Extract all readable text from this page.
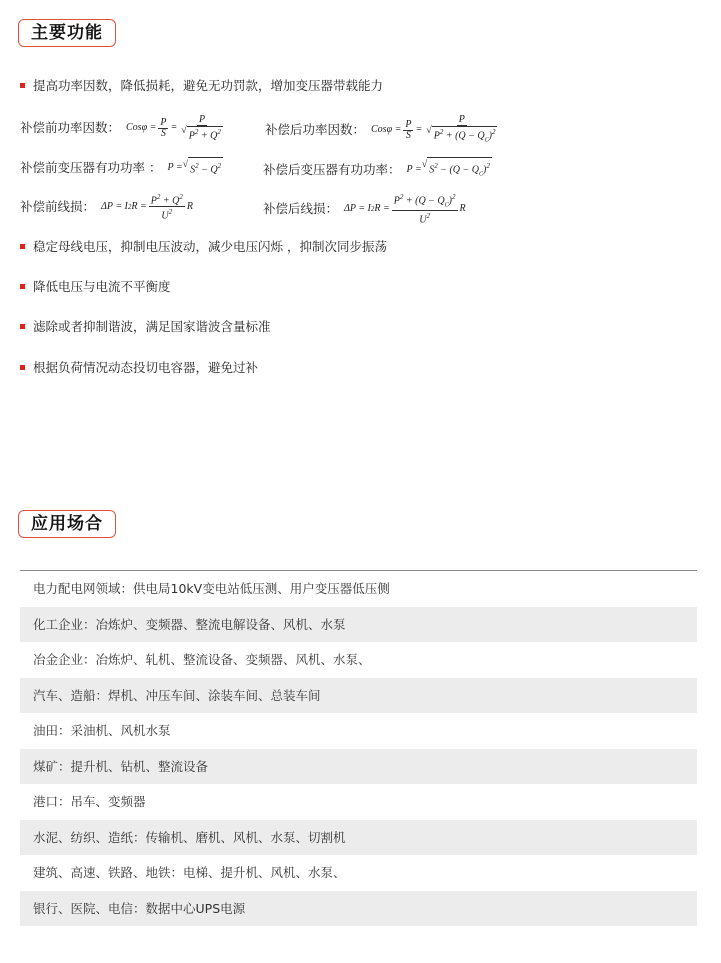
主要功能
提高功率因数，降低损耗，避免无功罚款，增加变压器带载能力
补偿前功率因数： $Cos\varphi = \frac{P}{S} = \frac{P}{√ P^2 + Q^2}$	补偿后功率因数： $Cos\varphi = \frac{P}{S} = \frac{P}{√ P^2 + (Q - Q_C)^2}$
补偿前变压器有功功率 ： P = √ $S^2 - Q^2$	补偿后变压器有功功率： P = √ $S^2 - (Q - Q_C)^2$
补偿前线损： ΔP = I 2 $R = \frac{P^2 + Q^2}{U^2}$ R	补偿后线损： ΔP = I 2 $R = \frac{P^2 + (Q - Q_C)^2}{U^2}$ R
稳定母线电压，抑制电压波动，减少电压闪烁 ，抑制次同步振荡
降低电压与电流不平衡度
滤除或者抑制谐波，满足国家谐波含量标准
根据负荷情况动态投切电容器，避免过补
应用场合
电力配电网领域：供电局10kV变电站低压测、用户变压器低压侧
化工企业：冶炼炉、变频器、整流电解设备、风机、水泵
冶金企业：冶炼炉、轧机、整流设备、变频器、风机、水泵、
汽车、造船：焊机、冲压车间、涂装车间、总装车间
油田：采油机、风机水泵
煤矿：提升机、钻机、整流设备
港口：吊车、变频器
水泥、纺织、造纸：传输机、磨机、风机、水泵、切割机
建筑、高速、铁路、地铁：电梯、提升机、风机、水泵、
银行、医院、电信：数据中心UPS电源
